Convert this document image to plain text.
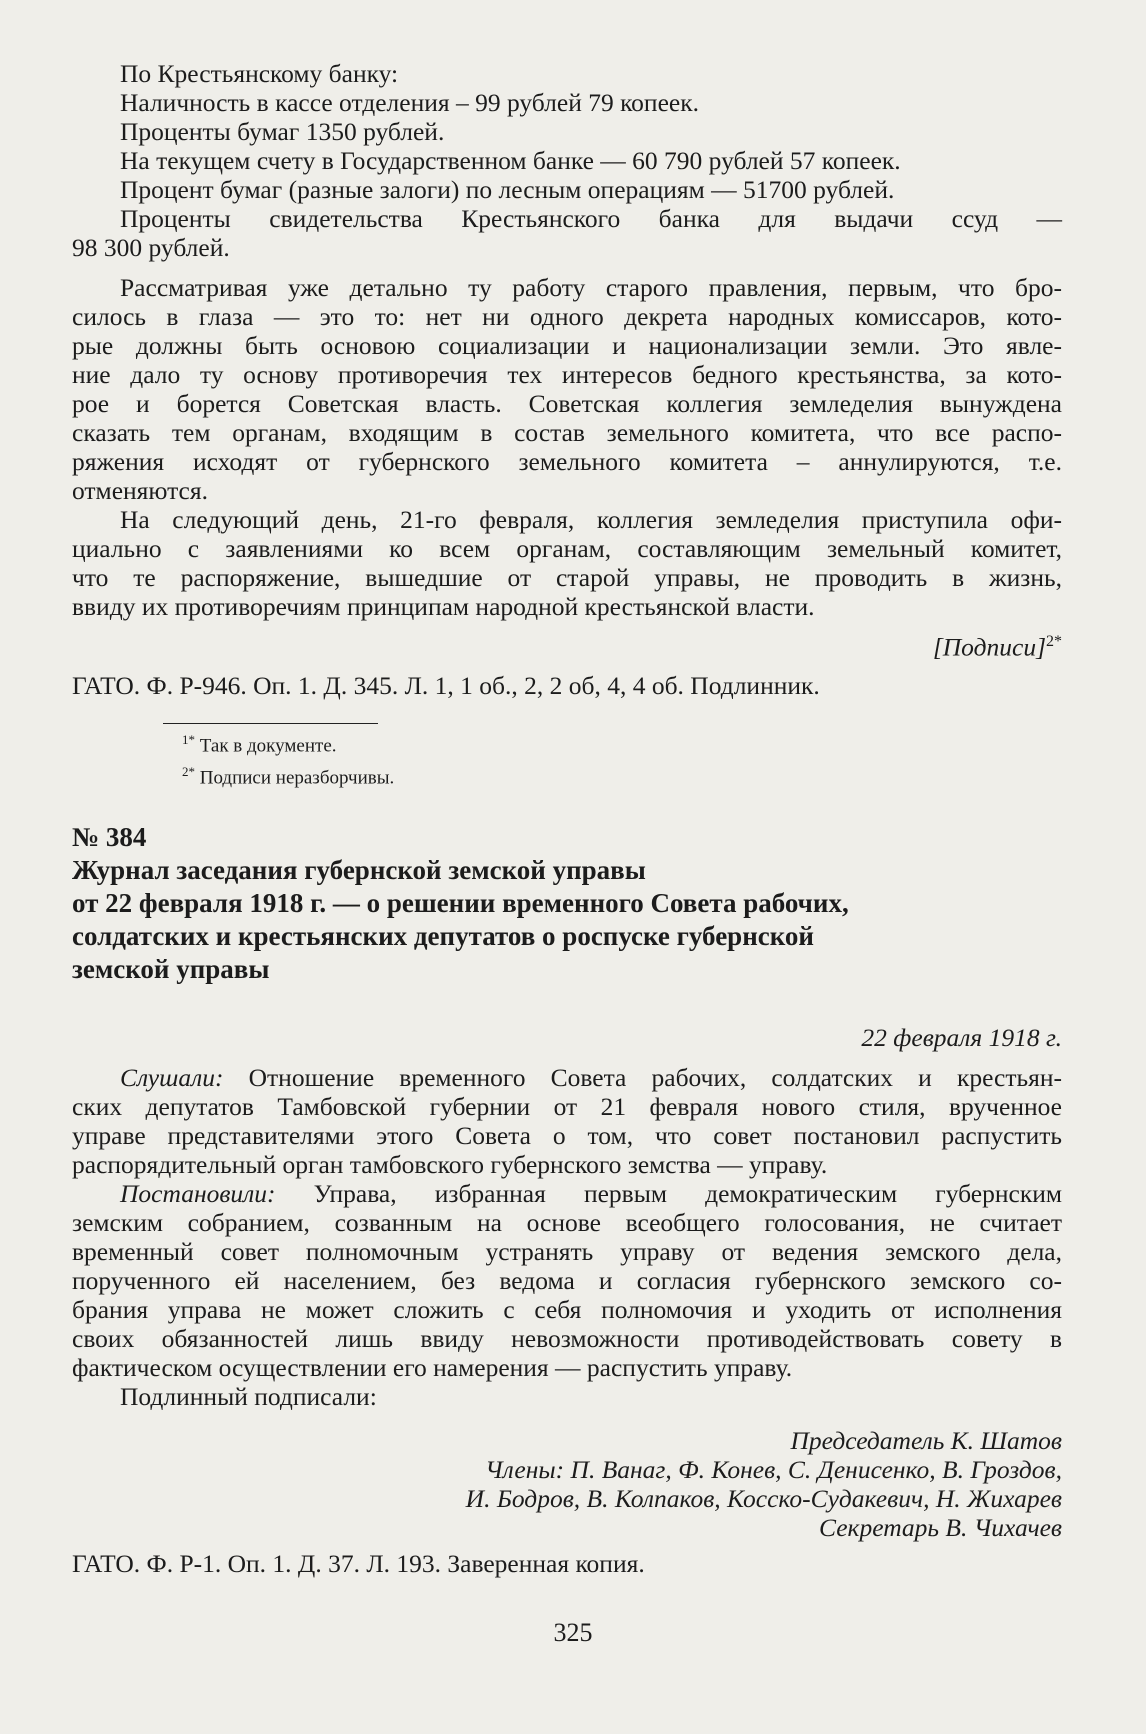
По Крестьянскому банку:
Наличность в кассе отделения – 99 рублей 79 копеек.
Проценты бумаг 1350 рублей.
На текущем счету в Государственном банке — 60 790 рублей 57 копеек.
Процент бумаг (разные залоги) по лесным операциям — 51700 рублей.
Проценты свидетельства Крестьянского банка для выдачи ссуд —
98 300 рублей.
Рассматривая уже детально ту работу старого правления, первым, что бро-
силось в глаза — это то: нет ни одного декрета народных комиссаров, кото-
рые должны быть основою социализации и национализации земли. Это явле-
ние дало ту основу противоречия тех интересов бедного крестьянства, за кото-
рое и борется Советская власть. Советская коллегия земледелия вынуждена
сказать тем органам, входящим в состав земельного комитета, что все распо-
ряжения исходят от губернского земельного комитета – аннулируются, т.е.
отменяются.
На следующий день, 21-го февраля, коллегия земледелия приступила офи-
циально с заявлениями ко всем органам, составляющим земельный комитет,
что те распоряжение, вышедшие от старой управы, не проводить в жизнь,
ввиду их противоречиям принципам народной крестьянской власти.
[Подписи]$^{2*}$
ГАТО. Ф. Р-946. Оп. 1. Д. 345. Л. 1, 1 об., 2, 2 об, 4, 4 об. Подлинник.
$^{1*}$ Так в документе.
$^{2*}$ Подписи неразборчивы.
№ 384
Журнал заседания губернской земской управы
от 22 февраля 1918 г. — о решении временного Совета рабочих,
солдатских и крестьянских депутатов о роспуске губернской
земской управы
22 февраля 1918 г.
Слушали: Отношение временного Совета рабочих, солдатских и крестьян-
ских депутатов Тамбовской губернии от 21 февраля нового стиля, врученное
управе представителями этого Совета о том, что совет постановил распустить
распорядительный орган тамбовского губернского земства — управу.
Постановили: Управа, избранная первым демократическим губернским
земским собранием, созванным на основе всеобщего голосования, не считает
временный совет полномочным устранять управу от ведения земского дела,
порученного ей населением, без ведома и согласия губернского земского со-
брания управа не может сложить с себя полномочия и уходить от исполнения
своих обязанностей лишь ввиду невозможности противодействовать совету в
фактическом осуществлении его намерения — распустить управу.
Подлинный подписали:
Председатель К. Шатов
Члены: П. Ванаг, Ф. Конев, С. Денисенко, В. Гроздов,
И. Бодров, В. Колпаков, Косско-Судакевич, Н. Жихарев
Секретарь В. Чихачев
ГАТО. Ф. Р-1. Оп. 1. Д. 37. Л. 193. Заверенная копия.
325
